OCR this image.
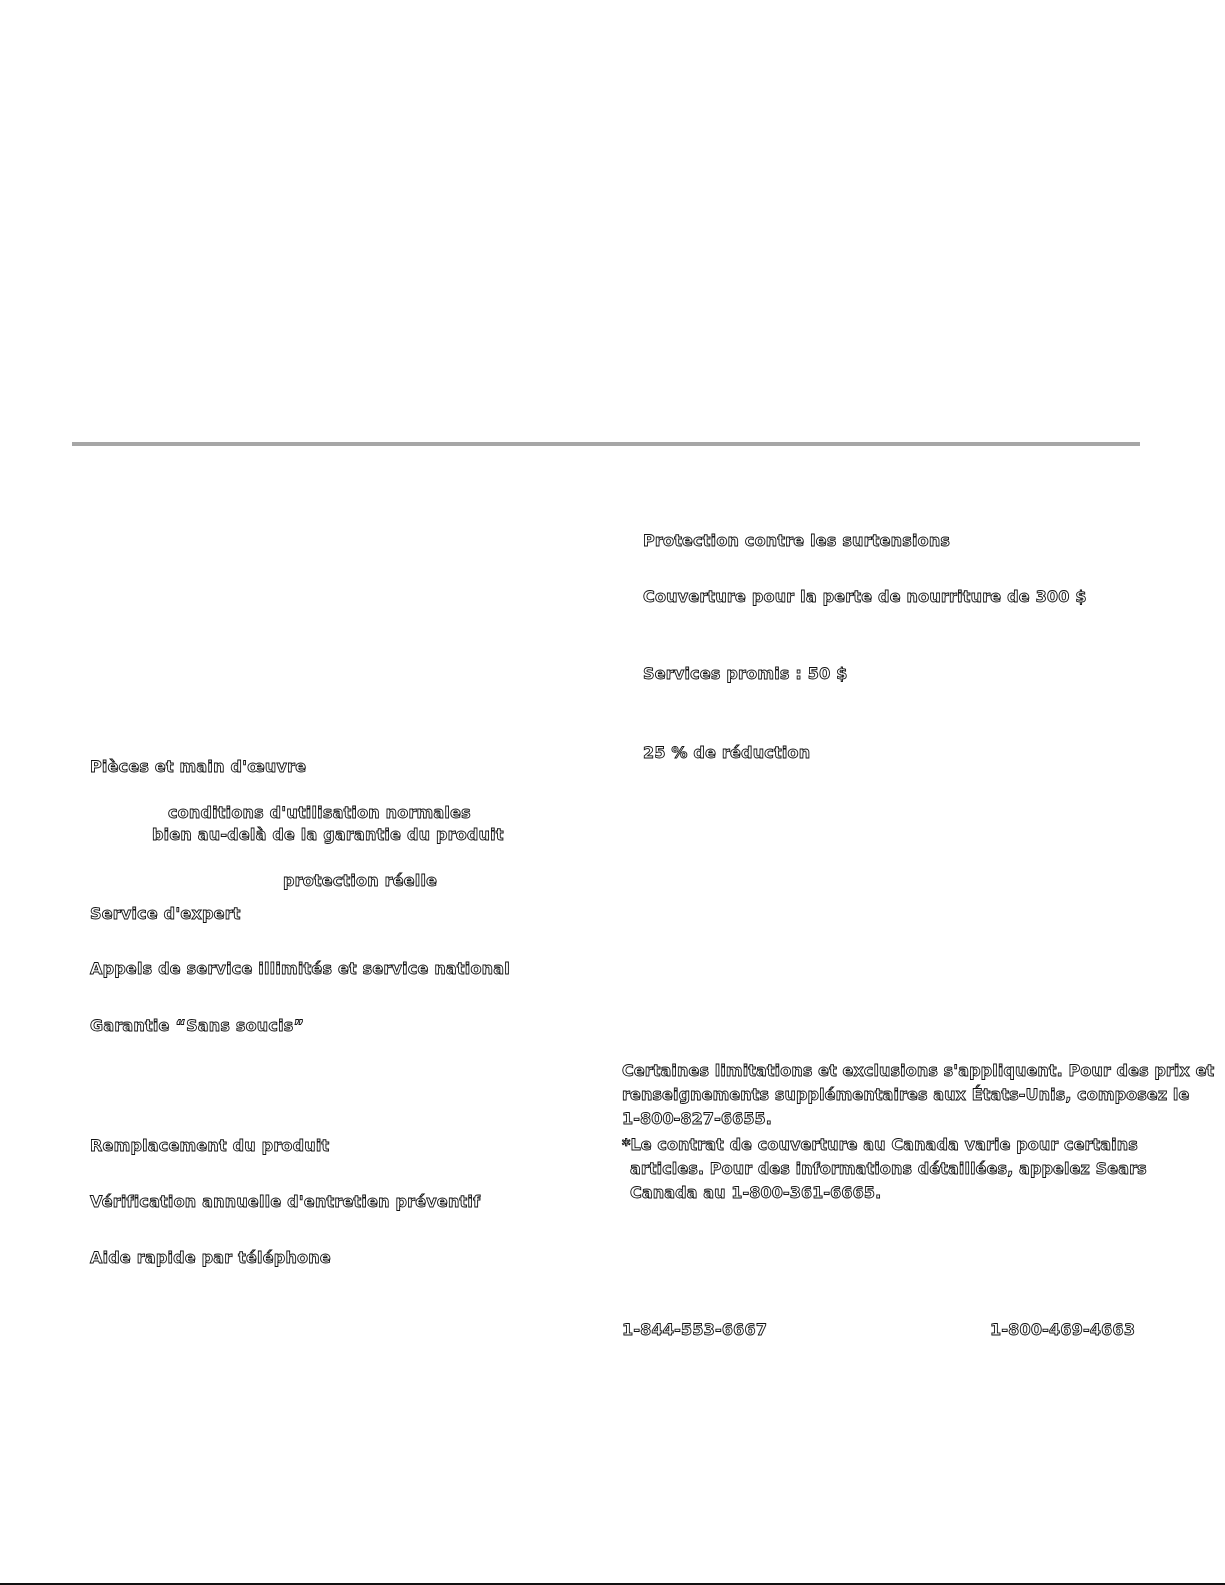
Pièces et main d'œuvre
conditions d'utilisation normales
bien au-delà de la garantie du produit
protection réelle
Service d'expert
Appels de service illimités et service national
Garantie “Sans soucis”
Remplacement du produit
Vérification annuelle d'entretien préventif
Aide rapide par téléphone
Protection contre les surtensions
Couverture pour la perte de nourriture de 300 $
Services promis : 50 $
25 % de réduction
Certaines limitations et exclusions s'appliquent. Pour des prix et
renseignements supplémentaires aux États-Unis, composez le
1-800-827-6655.
*Le contrat de couverture au Canada varie pour certains
articles. Pour des informations détaillées, appelez Sears
Canada au 1-800-361-6665.
1-844-553-6667	1-800-469-4663
